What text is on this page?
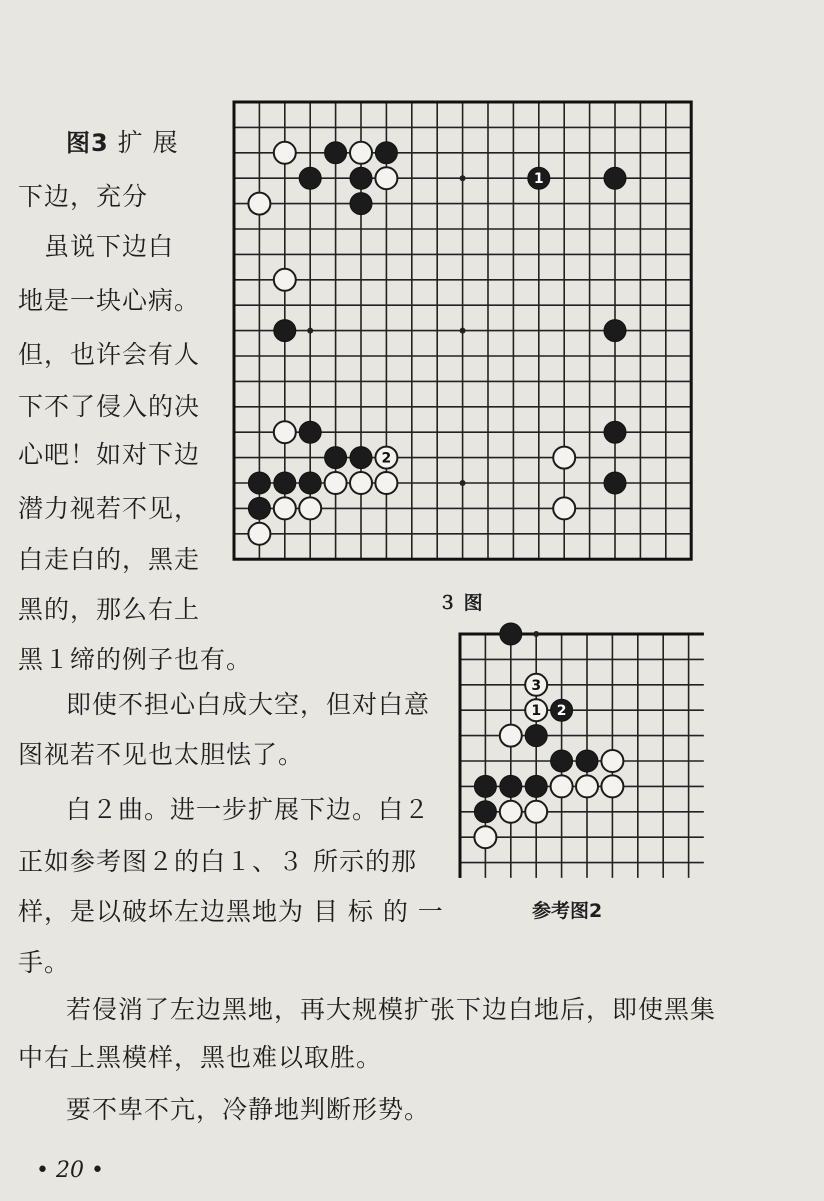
图3 扩 展
下边，充分
　虽说下边白
地是一块心病。
但，也许会有人
下不了侵入的决
心吧！如对下边
潜力视若不见，
白走白的，黑走
黑的，那么右上
黑１缔的例子也有。
1
2
３ 图
3
1 2
参考图2
即使不担心白成大空，但对白意
图视若不见也太胆怯了。
白２曲。进一步扩展下边。白２
正如参考图２的白１、３ 所示的那
样，是以破坏左边黑地为 目 标 的 一
手。
若侵消了左边黑地，再大规模扩张下边白地后，即使黑集
中右上黑模样，黑也难以取胜。
要不卑不亢，冷静地判断形势。
• 20 •
